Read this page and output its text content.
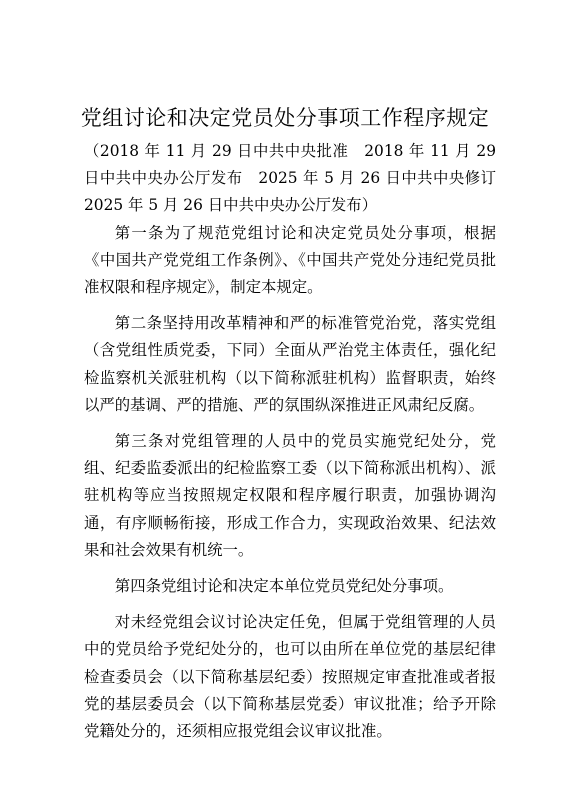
党组讨论和决定党员处分事项工作程序规定

（2018 年 11 月 29 日中共中央批准　2018 年 11 月 29 日中共中央办公厅发布　2025 年 5 月 26 日中共中央修订　2025 年 5 月 26 日中共中央办公厅发布）

第一条为了规范党组讨论和决定党员处分事项，根据《中国共产党党组工作条例》、《中国共产党处分违纪党员批准权限和程序规定》，制定本规定。

第二条坚持用改革精神和严的标准管党治党，落实党组（含党组性质党委，下同）全面从严治党主体责任，强化纪检监察机关派驻机构（以下简称派驻机构）监督职责，始终以严的基调、严的措施、严的氛围纵深推进正风肃纪反腐。

第三条对党组管理的人员中的党员实施党纪处分，党组、纪委监委派出的纪检监察工委（以下简称派出机构）、派驻机构等应当按照规定权限和程序履行职责，加强协调沟通，有序顺畅衔接，形成工作合力，实现政治效果、纪法效果和社会效果有机统一。

第四条党组讨论和决定本单位党员党纪处分事项。

对未经党组会议讨论决定任免，但属于党组管理的人员中的党员给予党纪处分的，也可以由所在单位党的基层纪律检查委员会（以下简称基层纪委）按照规定审查批准或者报党的基层委员会（以下简称基层党委）审议批准；给予开除党籍处分的，还须相应报党组会议审议批准。
